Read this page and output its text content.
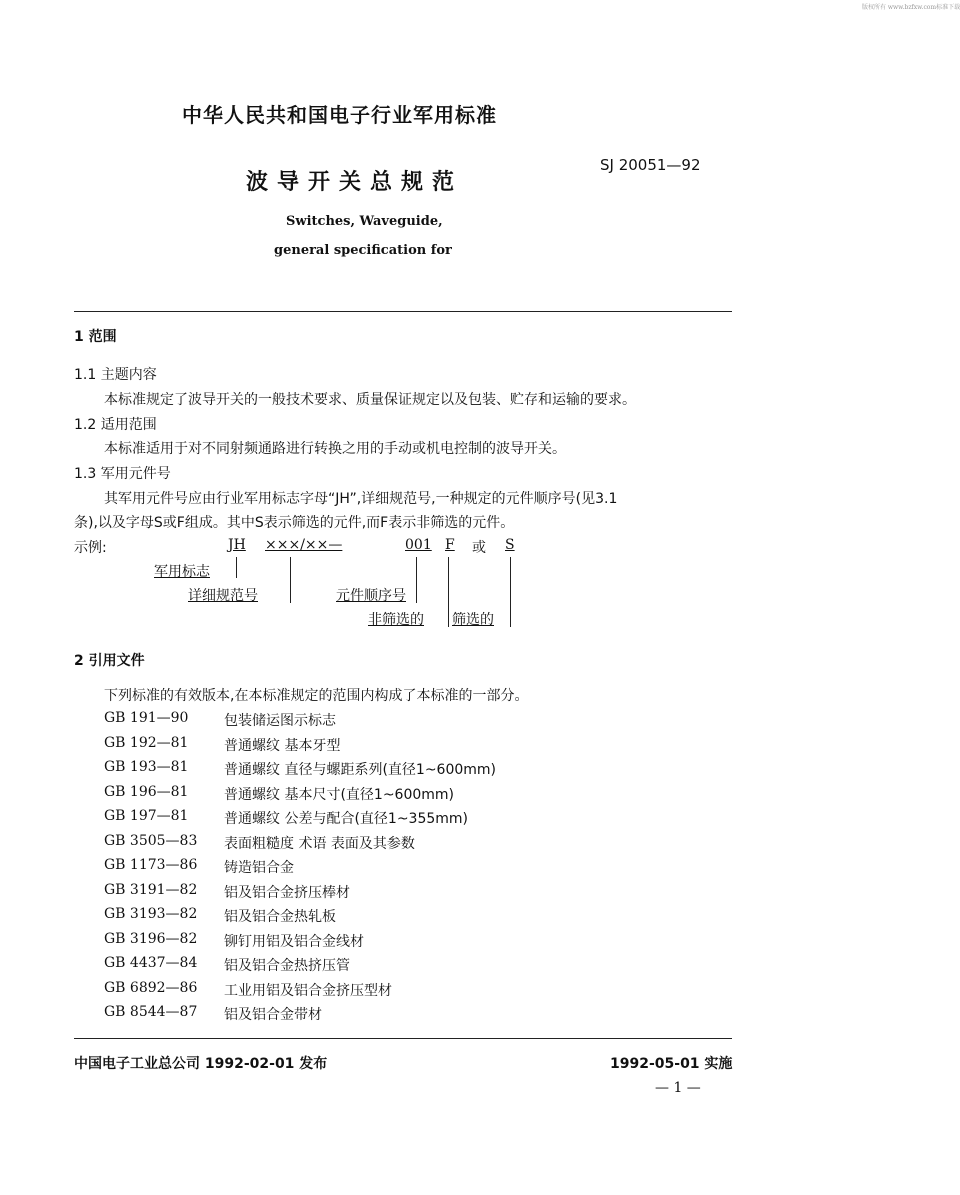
版权所有 www.bzfxw.com标准下载
中华人民共和国电子行业军用标准
波导开关总规范
SJ 20051—92
Switches, Waveguide,
general specification for
1 范围
1.1 主题内容
本标准规定了波导开关的一般技术要求、质量保证规定以及包装、贮存和运输的要求。
1.2 适用范围
本标准适用于对不同射频通路进行转换之用的手动或机电控制的波导开关。
1.3 军用元件号
其军用元件号应由行业军用标志字母“JH”,详细规范号,一种规定的元件顺序号(见3.1
条),以及字母S或F组成。其中S表示筛选的元件,而F表示非筛选的元件。
示例:	JH ×××/××—	001 F 或 S
军用标志
详细规范号	元件顺序号
非筛选的 筛选的
2 引用文件
下列标准的有效版本,在本标准规定的范围内构成了本标准的一部分。
GB 191—90	包装储运图示标志
GB 192—81	普通螺纹 基本牙型
GB 193—81	普通螺纹 直径与螺距系列(直径1~600mm)
GB 196—81	普通螺纹 基本尺寸(直径1~600mm)
GB 197—81	普通螺纹 公差与配合(直径1~355mm)
GB 3505—83 表面粗糙度 术语 表面及其参数
GB 1173—86 铸造铝合金
GB 3191—82 铝及铝合金挤压棒材
GB 3193—82 铝及铝合金热轧板
GB 3196—82 铆钉用铝及铝合金线材
GB 4437—84 铝及铝合金热挤压管
GB 6892—86 工业用铝及铝合金挤压型材
GB 8544—87 铝及铝合金带材
中国电子工业总公司 1992-02-01 发布	1992-05-01 实施
— 1 —
